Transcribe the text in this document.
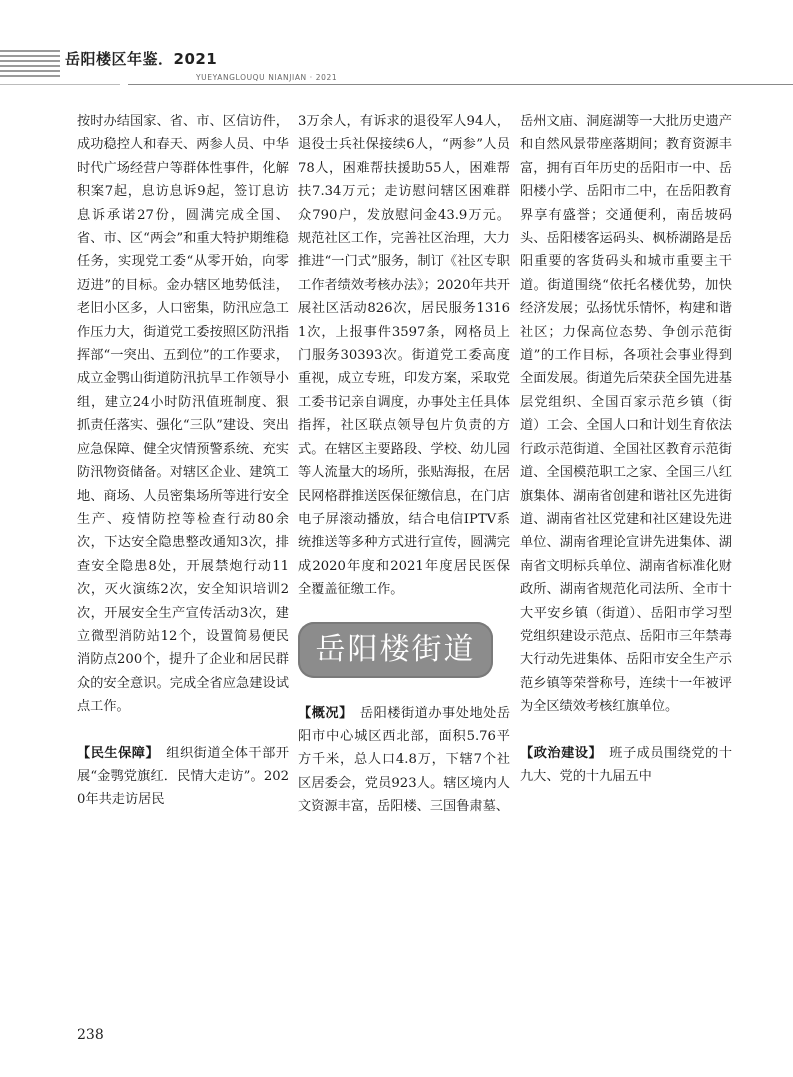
岳阳楼区年鉴．2021
YUEYANGLOUQU NIANJIAN · 2021

按时办结国家、省、市、区信访件，成功稳控人和春天、两参人员、中华时代广场经营户等群体性事件，化解积案7起，息访息诉9起，签订息访息诉承诺27份，圆满完成全国、省、市、区“两会”和重大特护期维稳任务，实现党工委“从零开始，向零迈进”的目标。金办辖区地势低洼，老旧小区多，人口密集，防汛应急工作压力大，街道党工委按照区防汛指挥部“一突出、五到位”的工作要求，成立金鹗山街道防汛抗旱工作领导小组，建立24小时防汛值班制度、狠抓责任落实、强化“三队”建设、突出应急保障、健全灾情预警系统、充实防汛物资储备。对辖区企业、建筑工地、商场、人员密集场所等进行安全生产、疫情防控等检查行动80余次，下达安全隐患整改通知3次，排查安全隐患8处，开展禁炮行动11次，灭火演练2次，安全知识培训2次，开展安全生产宣传活动3次，建立微型消防站12个，设置简易便民消防点200个，提升了企业和居民群众的安全意识。完成全省应急建设试点工作。

【民生保障】　 组织街道全体干部开展“金鹗党旗红．民情大走访”。2020年共走访居民

3万余人，有诉求的退役军人94人，退役士兵社保接续6人，“两参”人员78人，困难帮扶援助55人，困难帮扶7.34万元；走访慰问辖区困难群众790户，发放慰问金43.9万元。规范社区工作，完善社区治理，大力推进“一门式”服务，制订《社区专职工作者绩效考核办法》；2020年共开展社区活动826次，居民服务13161次，上报事件3597条，网格员上门服务30393次。街道党工委高度重视，成立专班，印发方案，采取党工委书记亲自调度，办事处主任具体指挥，社区联点领导包片负责的方式。在辖区主要路段、学校、幼儿园等人流量大的场所，张贴海报，在居民网格群推送医保征缴信息，在门店电子屏滚动播放，结合电信IPTV系统推送等多种方式进行宣传，圆满完成2020年度和2021年度居民医保全覆盖征缴工作。

岳阳楼街道

【概况】　 岳阳楼街道办事处地处岳阳市中心城区西北部，面积5.76平方千米，总人口4.8万，下辖7个社区居委会，党员923人。辖区境内人文资源丰富，岳阳楼、三国鲁肃墓、

岳州文庙、洞庭湖等一大批历史遗产和自然风景带座落期间；教育资源丰富，拥有百年历史的岳阳市一中、岳阳楼小学、岳阳市二中，在岳阳教育界享有盛誉；交通便利，南岳坡码头、岳阳楼客运码头、枫桥湖路是岳阳重要的客货码头和城市重要主干道。街道围绕“依托名楼优势，加快经济发展；弘扬忧乐情怀，构建和谐社区；力保高位态势、争创示范街道”的工作目标，各项社会事业得到全面发展。街道先后荣获全国先进基层党组织、全国百家示范乡镇（街道）工会、全国人口和计划生育依法行政示范街道、全国社区教育示范街道、全国模范职工之家、全国三八红旗集体、湖南省创建和谐社区先进街道、湖南省社区党建和社区建设先进单位、湖南省理论宣讲先进集体、湖南省文明标兵单位、湖南省标准化财政所、湖南省规范化司法所、全市十大平安乡镇（街道）、岳阳市学习型党组织建设示范点、岳阳市三年禁毒大行动先进集体、岳阳市安全生产示范乡镇等荣誉称号，连续十一年被评为全区绩效考核红旗单位。

【政治建设】　 班子成员围绕党的十九大、党的十九届五中

238
